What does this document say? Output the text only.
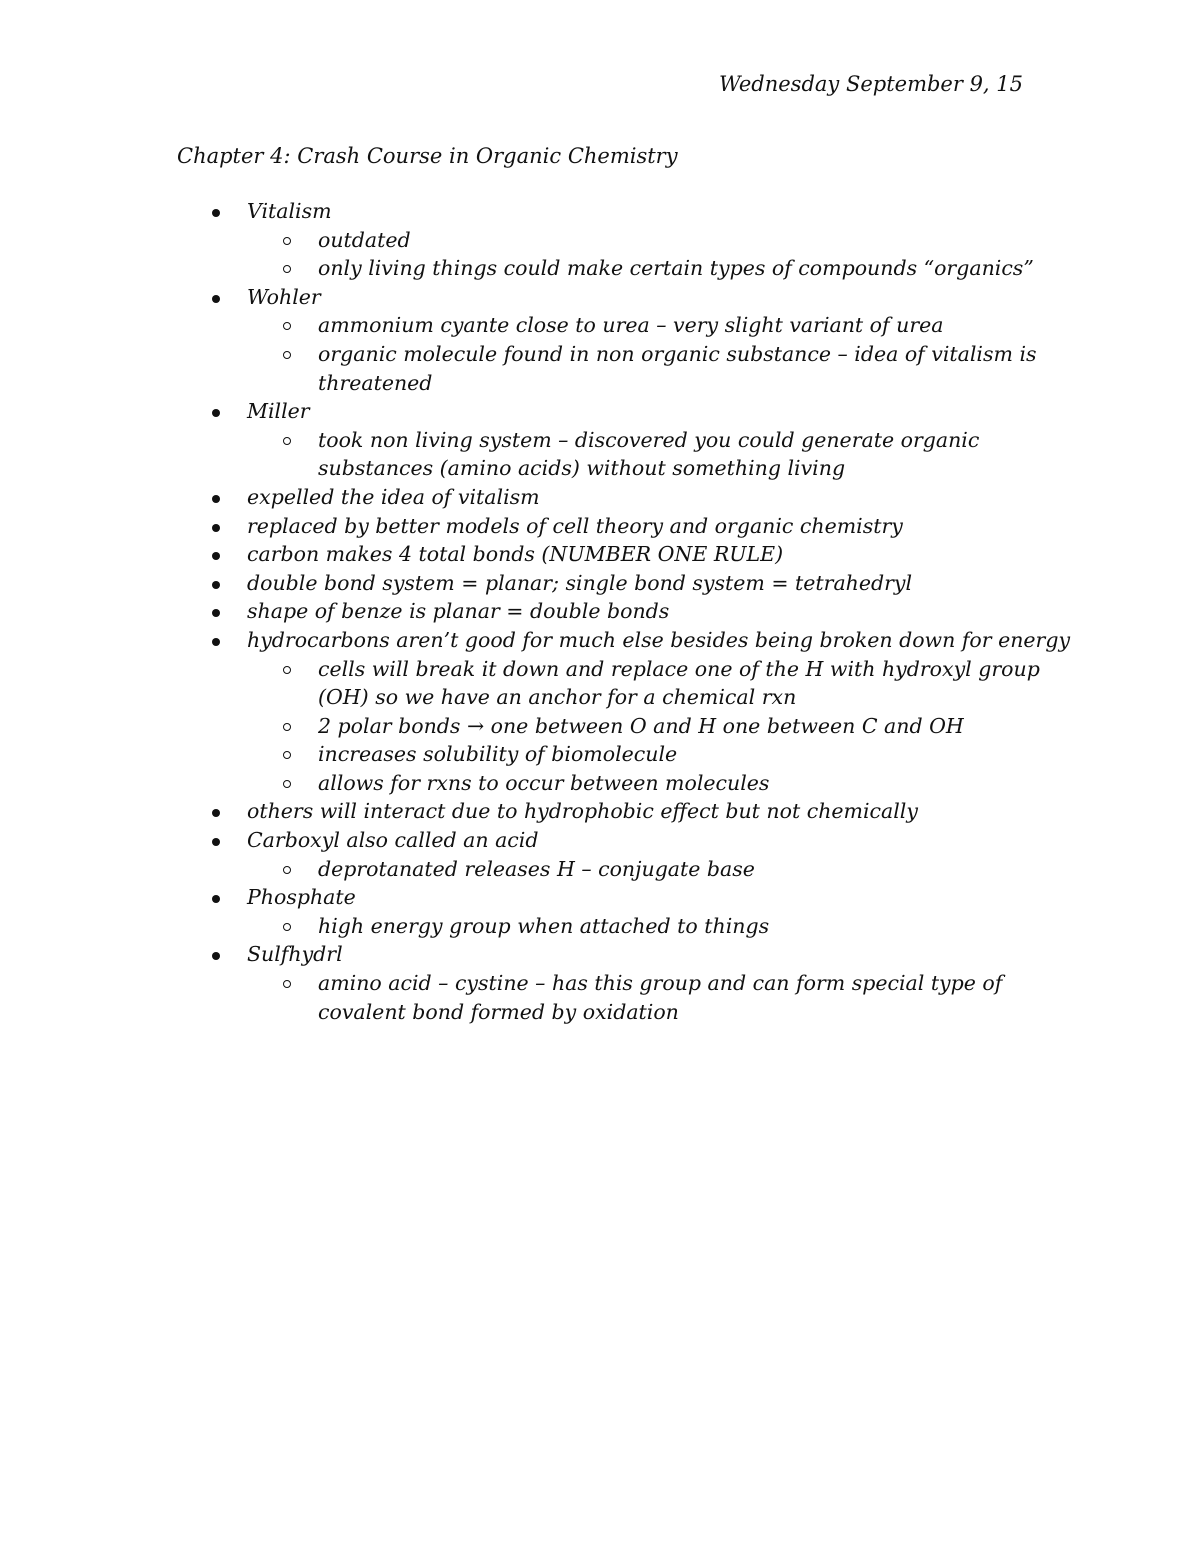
Wednesday September 9, 15
Chapter 4: Crash Course in Organic Chemistry
Vitalism
outdated
only living things could make certain types of compounds “organics”
Wohler
ammonium cyante close to urea – very slight variant of urea
organic molecule found in non organic substance – idea of vitalism is
threatened
Miller
took non living system – discovered you could generate organic
substances (amino acids) without something living
expelled the idea of vitalism
replaced by better models of cell theory and organic chemistry
carbon makes 4 total bonds (NUMBER ONE RULE)
double bond system = planar; single bond system = tetrahedryl
shape of benze is planar = double bonds
hydrocarbons aren’t good for much else besides being broken down for energy
cells will break it down and replace one of the H with hydroxyl group
(OH) so we have an anchor for a chemical rxn
2 polar bonds → one between O and H one between C and OH
increases solubility of biomolecule
allows for rxns to occur between molecules
others will interact due to hydrophobic effect but not chemically
Carboxyl also called an acid
deprotanated releases H – conjugate base
Phosphate
high energy group when attached to things
Sulfhydrl
amino acid – cystine – has this group and can form special type of
covalent bond formed by oxidation
